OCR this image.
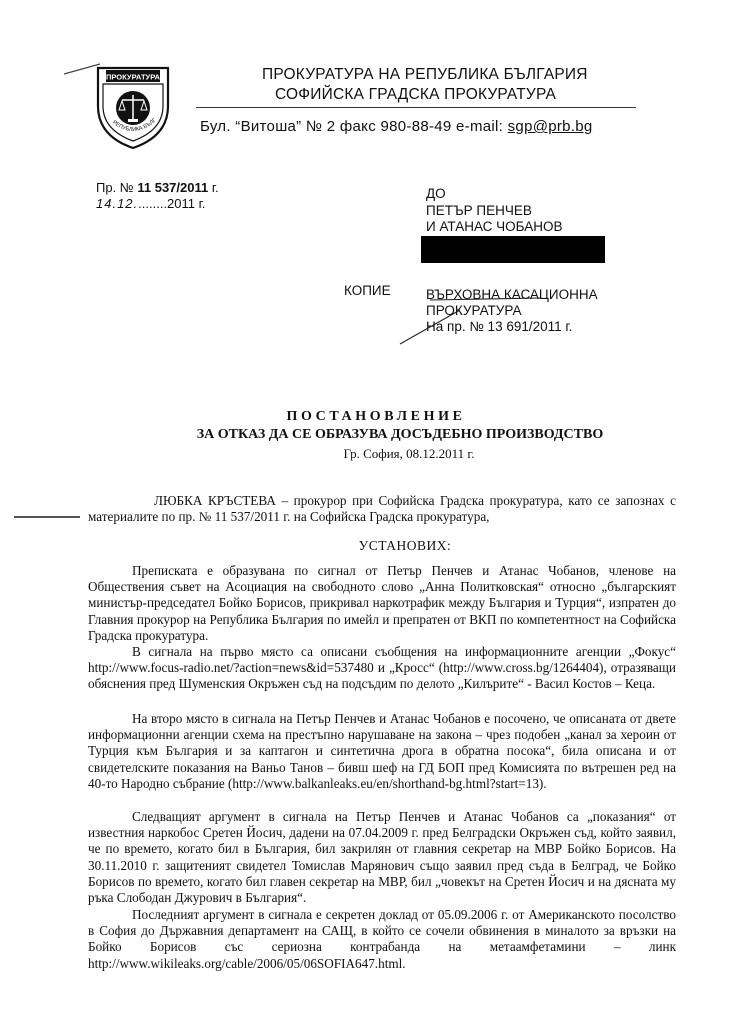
ПРОКУРАТУРА
РЕПУБЛИКА БЪЛГ
ПРОКУРАТУРА НА РЕПУБЛИКА БЪЛГАРИЯ
СОФИЙСКА ГРАДСКА ПРОКУРАТУРА
Бул. “Витоша” № 2 факс 980-88-49 e-mail: sgp@prb.bg
Пр. № 11 537/2011 г.
14.12.........2011 г.
ДО
ПЕТЪР ПЕНЧЕВ
И АТАНАС ЧОБАНОВ
КОПИЕ	ВЪРХОВНА КАСАЦИОННА
ПРОКУРАТУРА
На пр. № 13 691/2011 г.
ПОСТАНОВЛЕНИЕ
ЗА ОТКАЗ ДА СЕ ОБРАЗУВА ДОСЪДЕБНО ПРОИЗВОДСТВО
Гр. София, 08.12.2011 г.
ЛЮБКА КРЪСТЕВА – прокурор при Софийска Градска прокуратура, като се запознах с материалите по пр. № 11 537/2011 г. на Софийска Градска прокуратура,
УСТАНОВИХ:
Преписката е образувана по сигнал от Петър Пенчев и Атанас Чобанов, членове на Обществения съвет на Асоциация на свободното слово „Анна Политковская“ относно „българският министър-председател Бойко Борисов, прикривал наркотрафик между България и Турция“, изпратен до Главния прокурор на Република България по имейл и препратен от ВКП по компетентност на Софийска Градска прокуратура.
В сигнала на първо място са описани съобщения на информационните агенции „Фокус“ http://www.focus-radio.net/?action=news&id=537480 и „Кросс“ (http://www.cross.bg/1264404), отразяващи обяснения пред Шуменския Окръжен съд на подсъдим по делото „Килърите“ - Васил Костов – Кеца.
На второ място в сигнала на Петър Пенчев и Атанас Чобанов е посочено, че описаната от двете информационни агенции схема на престъпно нарушаване на закона – чрез подобен „канал за хероин от Турция към България и за каптагон и синтетична дрога в обратна посока“, била описана и от свидетелските показания на Ваньо Танов – бивш шеф на ГД БОП пред Комисията по вътрешен ред на 40-то Народно събрание (http://www.balkanleaks.eu/en/shorthand-bg.html?start=13).
Следващият аргумент в сигнала на Петър Пенчев и Атанас Чобанов са „показания“ от известния наркобос Сретен Йосич, дадени на 07.04.2009 г. пред Белградски Окръжен съд, който заявил, че по времето, когато бил в България, бил закрилян от главния секретар на МВР Бойко Борисов. На 30.11.2010 г. защитеният свидетел Томислав Марянович също заявил пред съда в Белград, че Бойко Борисов по времето, когато бил главен секретар на МВР, бил „човекът на Сретен Йосич и на дясната му ръка Слободан Джурович в България“.
Последният аргумент в сигнала е секретен доклад от 05.09.2006 г. от Американското посолство в София до Държавния департамент на САЩ, в който се сочели обвинения в миналото за връзки на Бойко Борисов със сериозна контрабанда на метаамфетамини – линк http://www.wikileaks.org/cable/2006/05/06SOFIA647.html.
